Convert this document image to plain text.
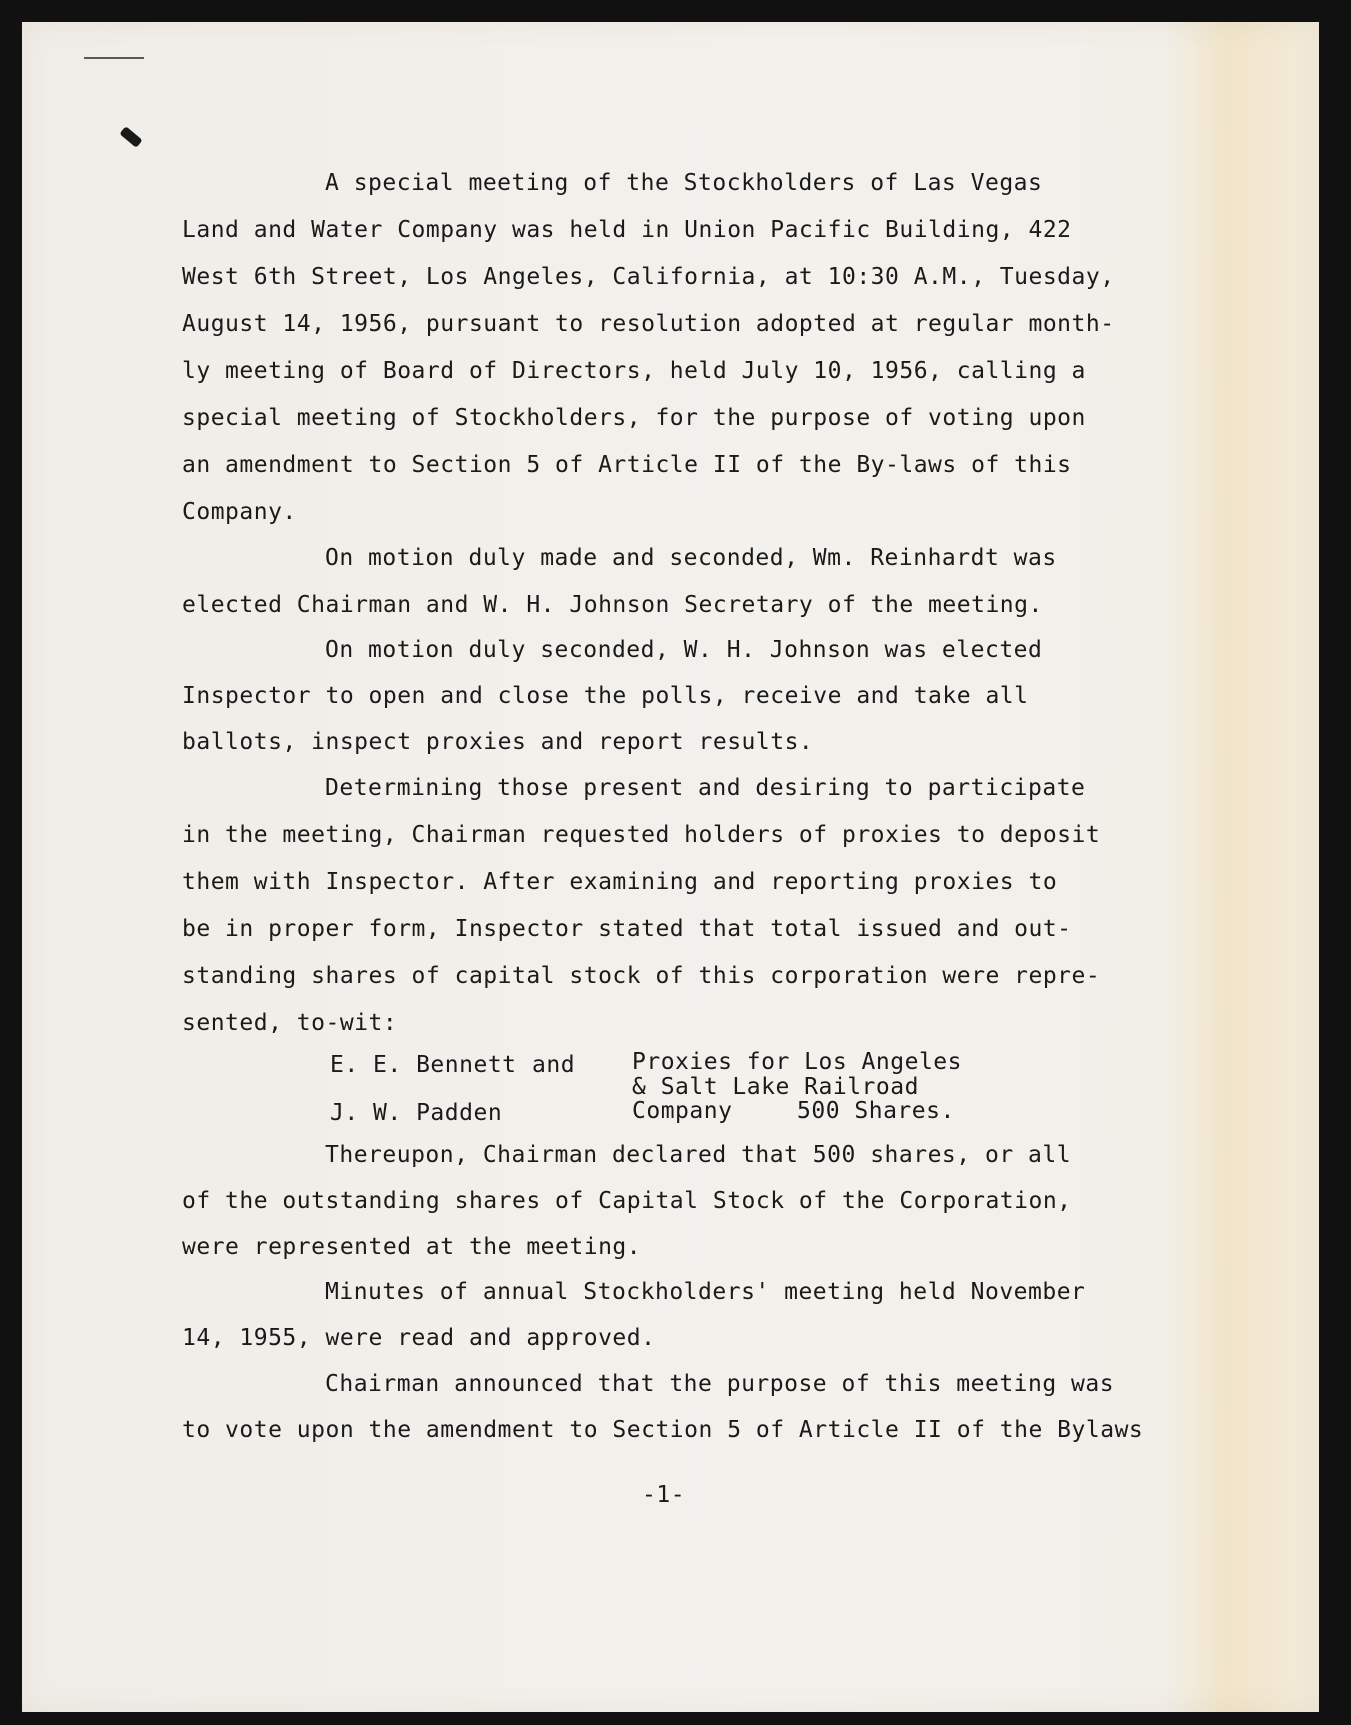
A special meeting of the Stockholders of Las Vegas

Land and Water Company was held in Union Pacific Building, 422

West 6th Street, Los Angeles, California, at 10:30 A.M., Tuesday,

August 14, 1956, pursuant to resolution adopted at regular month-

ly meeting of Board of Directors, held July 10, 1956, calling a

special meeting of Stockholders, for the purpose of voting upon

an amendment to Section 5 of Article II of the By-laws of this

Company.

On motion duly made and seconded, Wm. Reinhardt was

elected Chairman and W. H. Johnson Secretary of the meeting.

On motion duly seconded, W. H. Johnson was elected

Inspector to open and close the polls, receive and take all

ballots, inspect proxies and report results.

Determining those present and desiring to participate

in the meeting, Chairman requested holders of proxies to deposit

them with Inspector. After examining and reporting proxies to

be in proper form, Inspector stated that total issued and out-

standing shares of capital stock of this corporation were repre-

sented, to-wit:

E. E. Bennett and Proxies for Los Angeles
& Salt Lake Railroad
J. W. Padden	Company	500 Shares.

Thereupon, Chairman declared that 500 shares, or all

of the outstanding shares of Capital Stock of the Corporation,

were represented at the meeting.

Minutes of annual Stockholders' meeting held November

14, 1955, were read and approved.

Chairman announced that the purpose of this meeting was

to vote upon the amendment to Section 5 of Article II of the Bylaws

-1-
